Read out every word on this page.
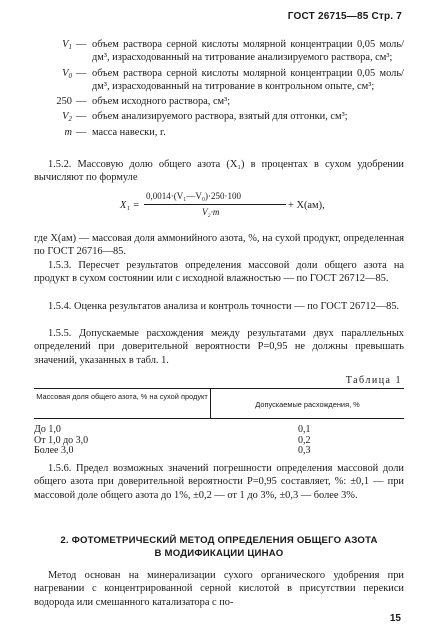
ГОСТ 26715—85 Стр. 7
$V_1$ — объем раствора серной кислоты молярной концентрации 0,05 моль/дм³, израсходованный на титрование анализируемого раствора, см³;
$V_0$ — объем раствора серной кислоты молярной концентрации 0,05 моль/дм³, израсходованный на титрование в контрольном опыте, см³;
250 — объем исходного раствора, см³;
$V_2$ — объем анализируемого раствора, взятый для отгонки, см³;
m — масса навески, г.
1.5.2. Массовую долю общего азота (X₁) в процентах в сухом удобрении вычисляют по формуле
X₁ =
0,0014·(V₁—V₀)·250·100
V₂·m
+ X(ам),
где X(ам) — массовая доля аммонийного азота, %, на сухой продукт, определенная по ГОСТ 26716—85.
1.5.3. Пересчет результатов определения массовой доли общего азота на продукт в сухом состоянии или с исходной влажностью — по ГОСТ 26712—85.
1.5.4. Оценка результатов анализа и контроль точности — по ГОСТ 26712—85.
1.5.5. Допускаемые расхождения между результатами двух параллельных определений при доверительной вероятности P=0,95 не должны превышать значений, указанных в табл. 1.
Таблица 1
Массовая доля общего азота, % на сухой продукт
Допускаемые расхождения, %
До 1,0	0,1
От 1,0 до 3,0	0,2
Более 3,0	0,3
1.5.6. Предел возможных значений погрешности определения массовой доли общего азота при доверительной вероятности P=0,95 составляет, %: ±0,1 — при массовой доле общего азота до 1%, ±0,2 — от 1 до 3%, ±0,3 — более 3%.
2. ФОТОМЕТРИЧЕСКИЙ МЕТОД ОПРЕДЕЛЕНИЯ ОБЩЕГО АЗОТА
В МОДИФИКАЦИИ ЦИНАО
Метод основан на минерализации сухого органического удобрения при нагревании с концентрированной серной кислотой в присутствии перекиси водорода или смешанного катализатора с по-
15
